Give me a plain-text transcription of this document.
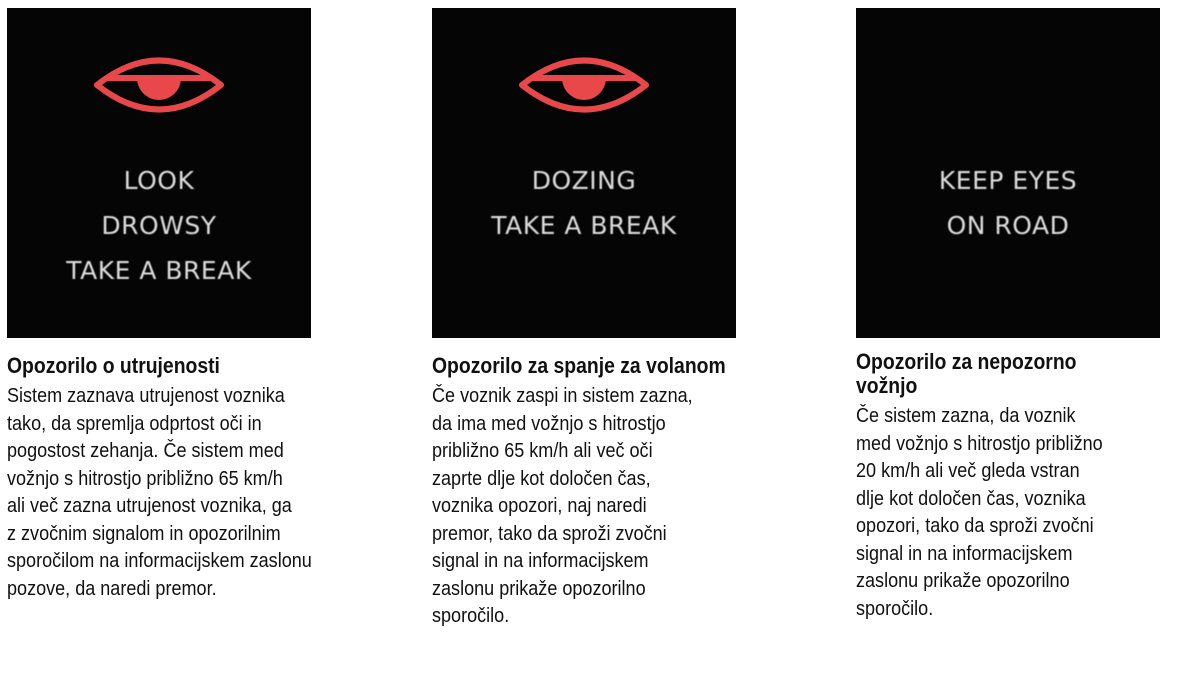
LOOK
DROWSY
TAKE A BREAK
Opozorilo o utrujenosti
Sistem zaznava utrujenost voznika
tako, da spremlja odprtost oči in
pogostost zehanja. Če sistem med
vožnjo s hitrostjo približno 65 km/h
ali več zazna utrujenost voznika, ga
z zvočnim signalom in opozorilnim
sporočilom na informacijskem zaslonu
pozove, da naredi premor.
DOZING
TAKE A BREAK
Opozorilo za spanje za volanom
Če voznik zaspi in sistem zazna,
da ima med vožnjo s hitrostjo
približno 65 km/h ali več oči
zaprte dlje kot določen čas,
voznika opozori, naj naredi
premor, tako da sproži zvočni
signal in na informacijskem
zaslonu prikaže opozorilno
sporočilo.
KEEP EYES
ON ROAD
Opozorilo za nepozorno
vožnjo
Če sistem zazna, da voznik
med vožnjo s hitrostjo približno
20 km/h ali več gleda vstran
dlje kot določen čas, voznika
opozori, tako da sproži zvočni
signal in na informacijskem
zaslonu prikaže opozorilno
sporočilo.
